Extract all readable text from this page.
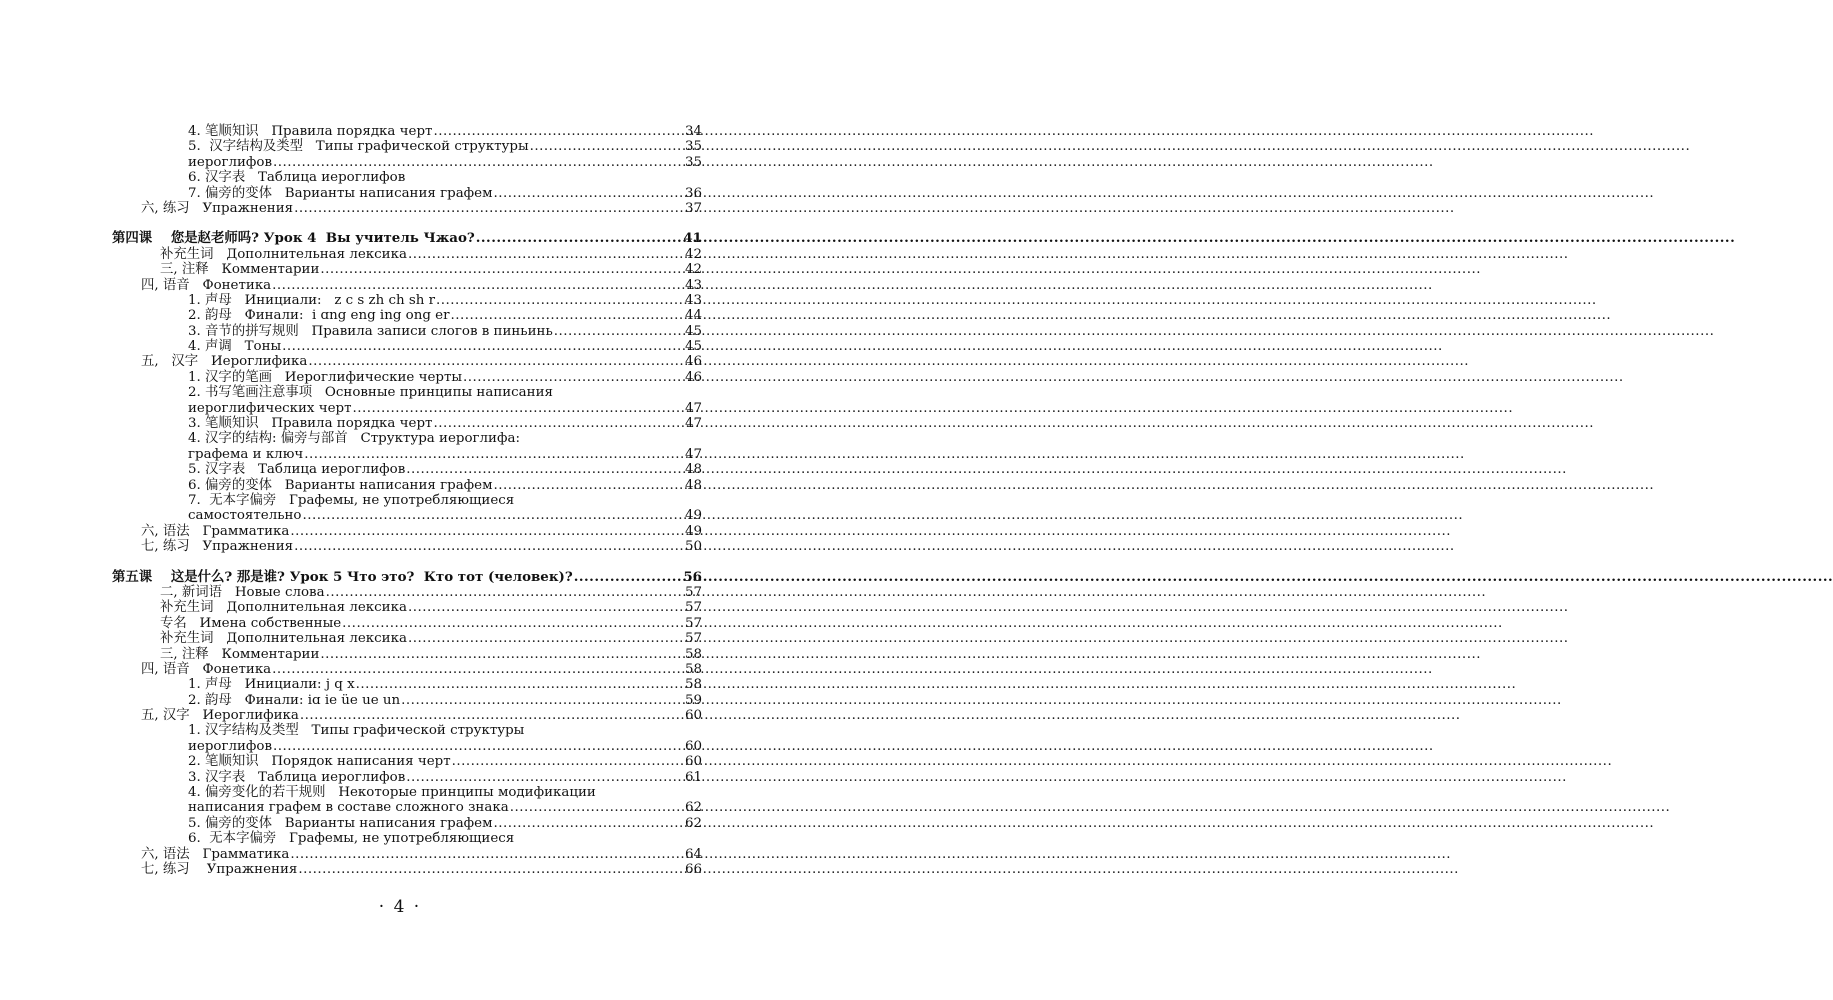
4. 笔顺知识   Правила порядка черт .....	34
5.  汉字结构及类型   Типы графической структуры .....	35
иероглифов .....	35
6. 汉字表   Таблица иероглифов
7. 偏旁的变体   Варианты написания графем .....	36
六, 练习   Упражнения .....	37
第四课    您是赵老师吗? Урок 4  Вы учитель Чжао? .....	41
补充生词   Дополнительная лексика .....	42
三, 注释   Комментарии .....	42
四, 语音   Фонетика .....	43
1. 声母   Инициали:   z c s zh ch sh r .....	43
2. 韵母   Финали:  i ɑng eng ing ong er .....	44
3. 音节的拼写规则   Правила записи слогов в пиньинь .....	45
4. 声调   Тоны .....	45
五,   汉字   Иероглифика .....	46
1. 汉字的笔画   Иероглифические черты .....	46
2. 书写笔画注意事项   Основные принципы написания
иероглифических черт .....	47
3. 笔顺知识   Правила порядка черт .....	47
4. 汉字的结构: 偏旁与部首   Структура иероглифа:
графема и ключ .....	47
5. 汉字表   Таблица иероглифов .....	48
6. 偏旁的变体   Варианты написания графем .....	48
7.  无本字偏旁   Графемы, не употребляющиеся
самостоятельно .....	49
六, 语法   Грамматика .....	49
七, 练习   Упражнения .....	50
第五课    这是什么? 那是谁? Урок 5 Что это?  Кто тот (человек)? .....	56
二, 新词语   Новые слова .....	57
补充生词   Дополнительная лексика .....	57
专名   Имена собственные .....	57
补充生词   Дополнительная лексика .....	57
三, 注释   Комментарии .....	58
四, 语音   Фонетика .....	58
1. 声母   Инициали: j q x .....	58
2. 韵母   Финали: iɑ ie üe ue un .....	59
五, 汉字   Иероглифика .....	60
1. 汉字结构及类型   Типы графической структуры
иероглифов .....	60
2. 笔顺知识   Порядок написания черт .....	60
3. 汉字表   Таблица иероглифов .....	61
4. 偏旁变化的若干规则   Некоторые принципы модификации
написания графем в составе сложного знака .....	62
5. 偏旁的变体   Варианты написания графем .....	62
6.  无本字偏旁   Графемы, не употребляющиеся
六, 语法   Грамматика .....	64
七, 练习    Упражнения .....	66
· 4 ·
